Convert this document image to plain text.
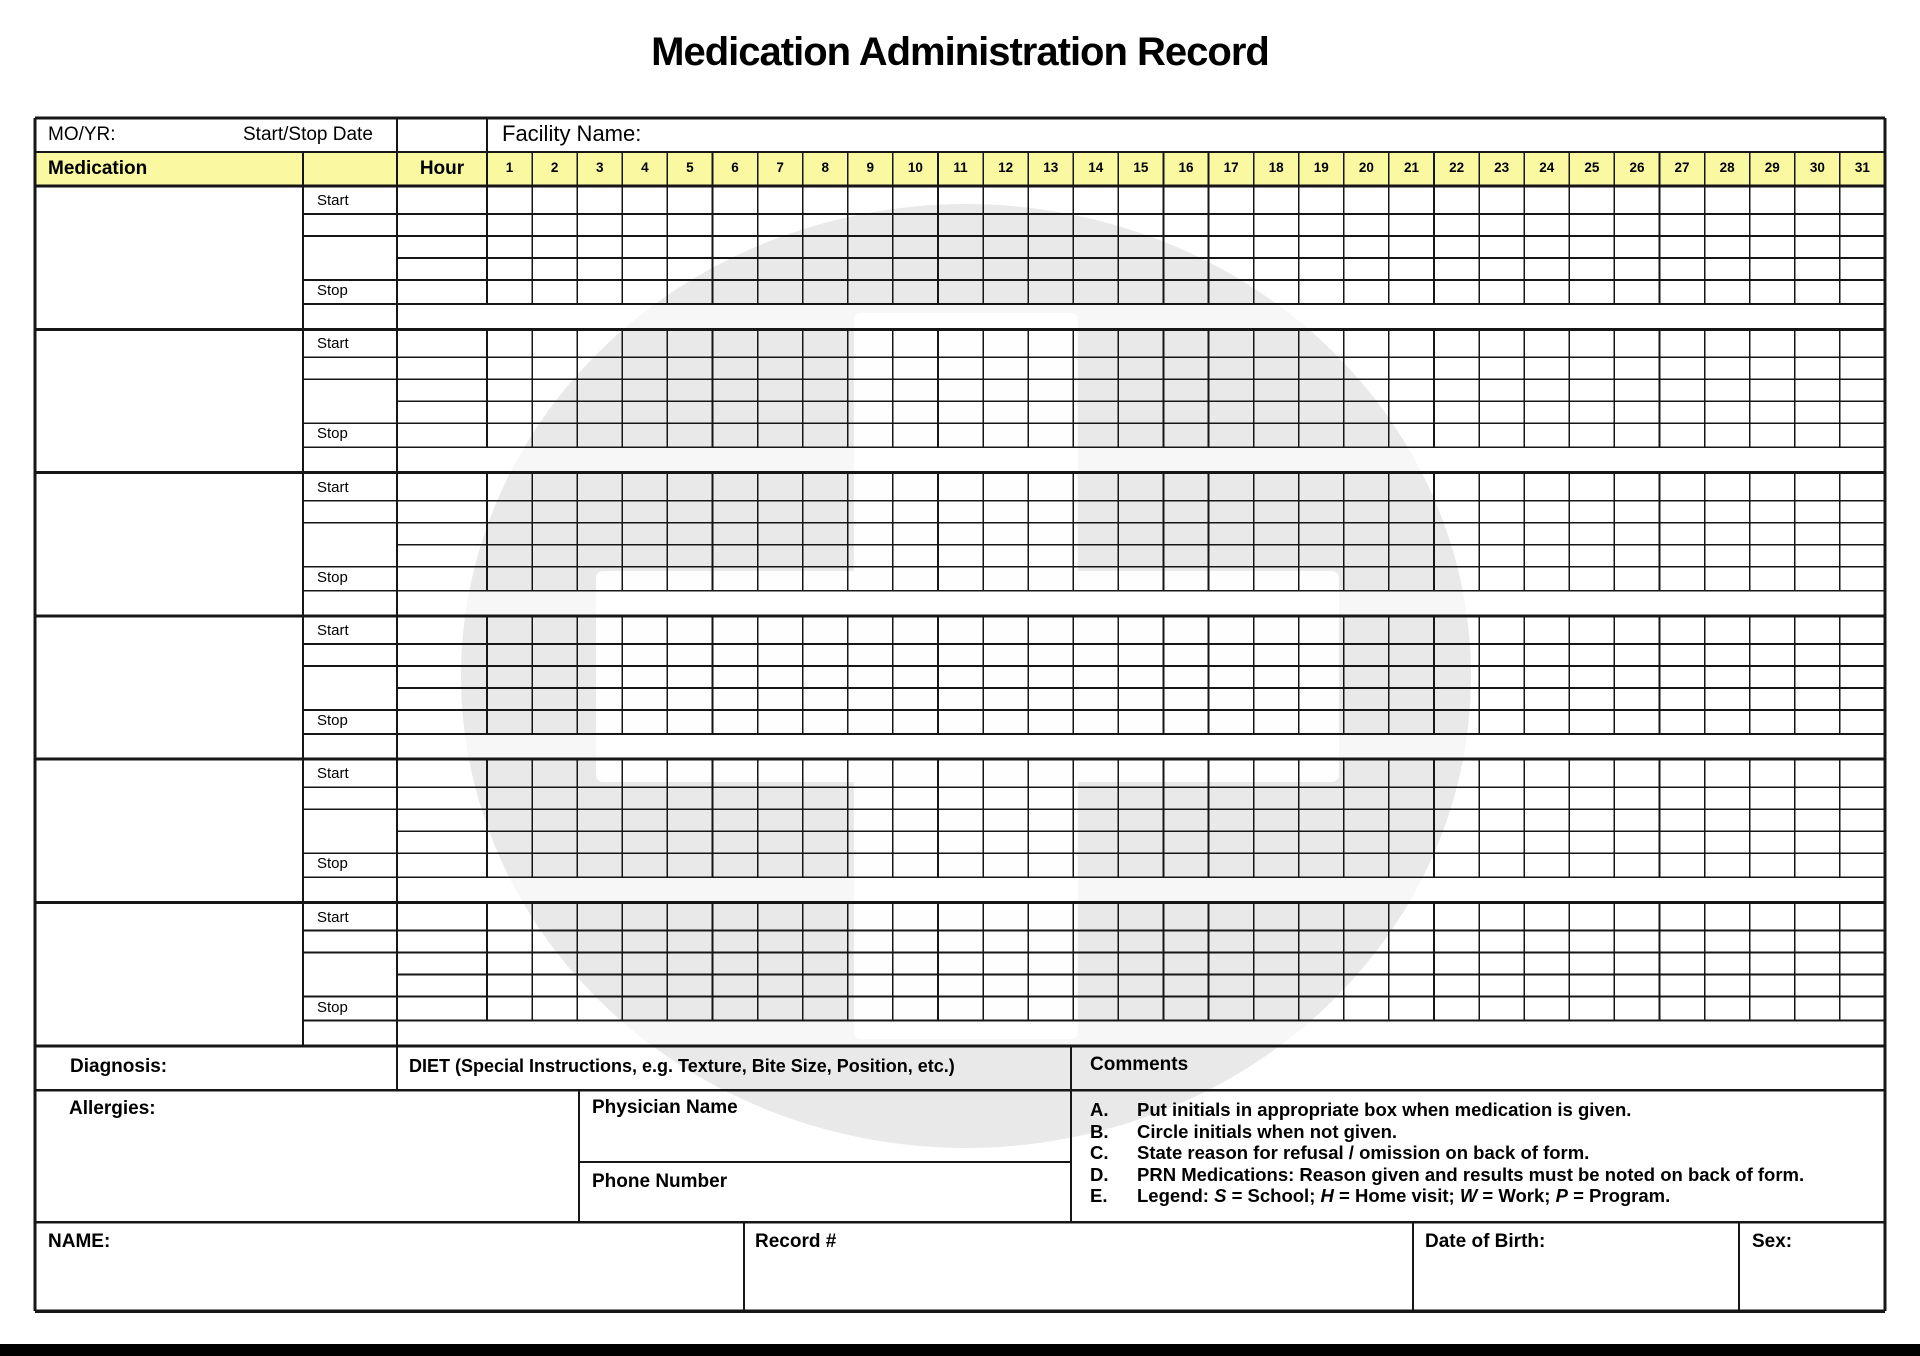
Medication Administration Record
MO/YR:	Start/Stop Date	Facility Name:
Medication	Hour	1	2	3	4	5	6	7	8	9	10	11	12	13	14	15	16	17	18	19	20	21	22	23	24	25	26	27	28	29	30	31
Start
Stop
Start
Stop
Start
Stop
Start
Stop
Start
Stop
Start
Stop
Diagnosis:	DIET (Special Instructions, e.g. Texture, Bite Size, Position, etc.)	Comments
Allergies:	Physician Name
Phone Number
A.	Put initials in appropriate box when medication is given.
B.	Circle initials when not given.
C.	State reason for refusal / omission on back of form.
D.	PRN Medications: Reason given and results must be noted on back of form.
E.	Legend: S = School; H = Home visit; W = Work; P = Program.
NAME:	Record #	Date of Birth:	Sex:
